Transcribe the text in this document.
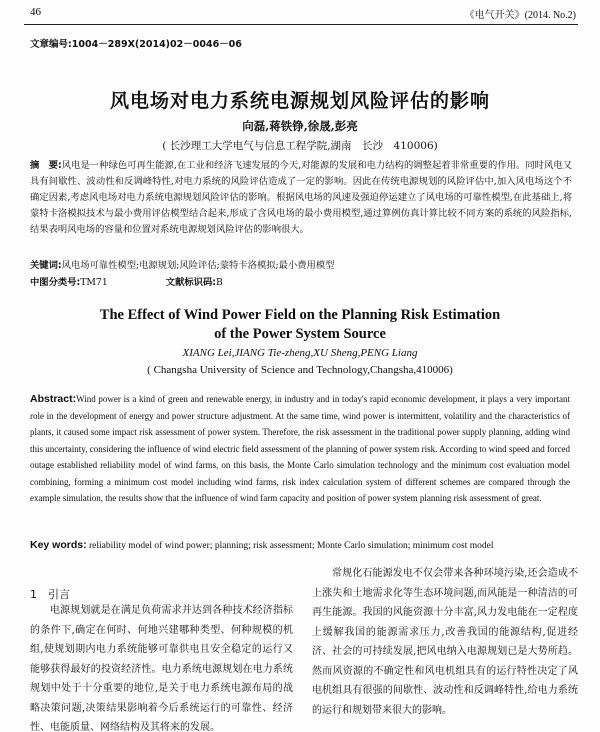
46	《电气开关》(2014. No.2)
文章编号:1004－289X(2014)02－0046－06
风电场对电力系统电源规划风险评估的影响
向磊,蒋铁铮,徐晟,彭亮
( 长沙理工大学电气与信息工程学院,湖南　长沙　410006)
摘　要:风电是一种绿色可再生能源,在工业和经济飞速发展的今天,对能源的发展和电力结构的调整起着非常重要的作用。同时风电又具有间歇性、波动性和反调峰特性,对电力系统的风险评估造成了一定的影响。因此在传统电源规划的风险评估中,加入风电场这个不确定因素,考虑风电场对电力系统电源规划风险评估的影响。根据风电场的风速及强迫停运建立了风电场的可靠性模型,在此基础上,将蒙特卡洛模拟技术与最小费用评估模型结合起来,形成了含风电场的最小费用模型,通过算例仿真计算比较不同方案的系统的风险指标,结果表明风电场的容量和位置对系统电源规划风险评估的影响很大。
关键词:风电场可靠性模型;电源规划;风险评估;蒙特卡洛模拟;最小费用模型
中图分类号:TM71	文献标识码:B
The Effect of Wind Power Field on the Planning Risk Estimation
of the Power System Source
XIANG Lei,JIANG Tie-zheng,XU Sheng,PENG Liang
( Changsha University of Science and Technology,Changsha,410006)
Abstract:Wind power is a kind of green and renewable energy, in industry and in today's rapid economic development, it plays a very important role in the development of energy and power structure adjustment. At the same time, wind power is intermittent, volatility and the characteristics of plants, it caused some impact risk assessment of power system. Therefore, the risk assessment in the traditional power supply planning, adding wind this uncertainty, considering the influence of wind electric field assessment of the planning of power system risk. According to wind speed and forced outage established reliability model of wind farms, on this basis, the Monte Carlo simulation technology and the minimum cost evaluation model combining, forming a minimum cost model including wind farms, risk index calculation system of different schemes are compared through the example simulation, the results show that the influence of wind farm capacity and position of power system planning risk assessment of great.
Key words: reliability model of wind power; planning; risk assessment; Monte Carlo simulation; minimum cost model
1　引言
电源规划就是在满足负荷需求并达到各种技术经济指标的条件下,确定在何时、何地兴建哪种类型、何种规模的机组,使规划期内电力系统能够可靠供电且安全稳定的运行又能够获得最好的投资经济性。电力系统电源规划在电力系统规划中处于十分重要的地位,是关于电力系统电源布局的战略决策问题,决策结果影响着今后系统运行的可靠性、经济性、电能质量、网络结构及其将来的发展。
常规化石能源发电不仅会带来各种环境污染,还会造成不上涨失和土地需求化等生态环境问题,而风能是一种清洁的可再生能源。我国的风能资源十分丰富,风力发电能在一定程度上缓解我国的能源需求压力,改善我国的能源结构,促进经济、社会的可持续发展,把风电纳入电源规划已是大势所趋。然而风资源的不确定性和风电机组具有的运行特性决定了风电机组具有很强的间歇性、波动性和反调峰特性,给电力系统的运行和规划带来很大的影响。
